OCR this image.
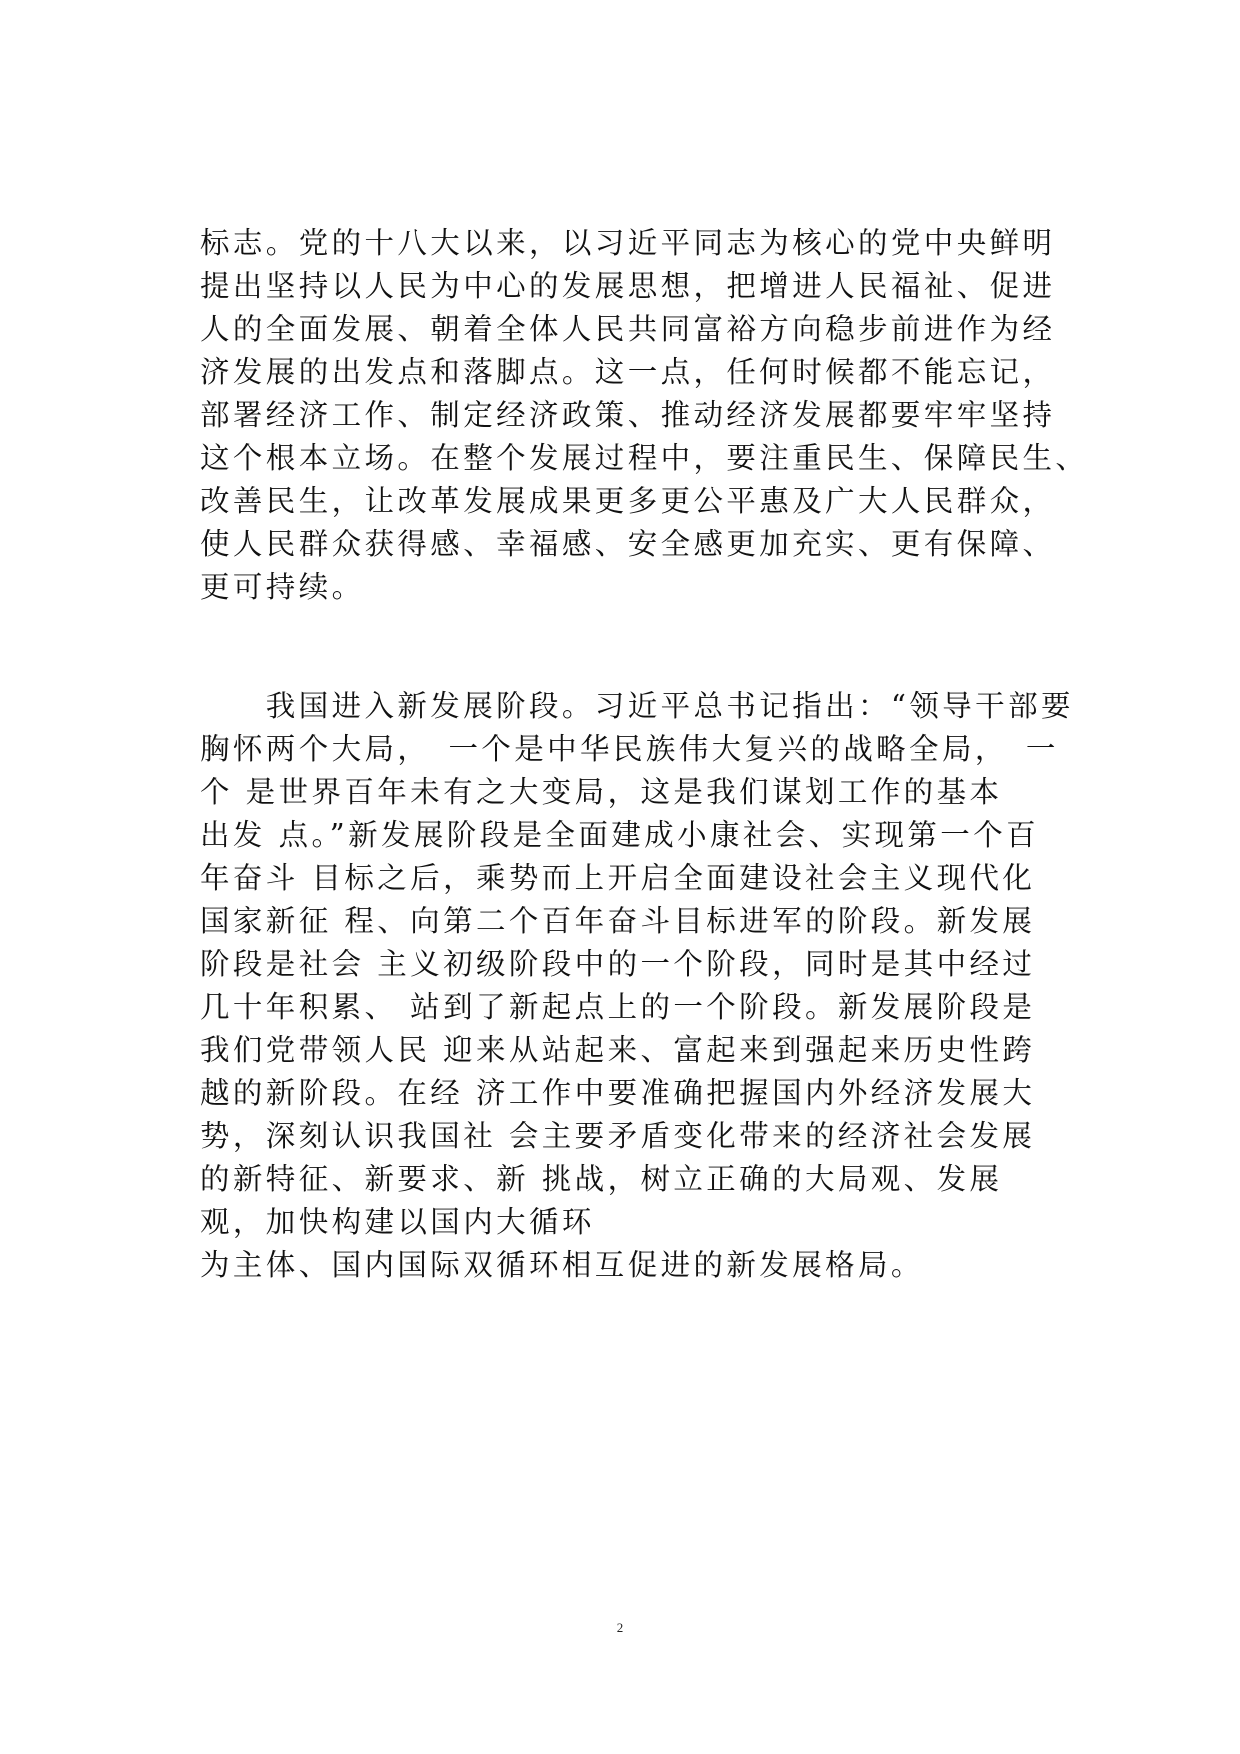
标志。党的十八大以来，以习近平同志为核心的党中央鲜明
提出坚持以人民为中心的发展思想，把增进人民福祉、促进
人的全面发展、朝着全体人民共同富裕方向稳步前进作为经
济发展的出发点和落脚点。这一点，任何时候都不能忘记，
部署经济工作、制定经济政策、推动经济发展都要牢牢坚持
这个根本立场。在整个发展过程中，要注重民生、保障民生、
改善民生，让改革发展成果更多更公平惠及广大人民群众，
使人民群众获得感、幸福感、安全感更加充实、更有保障、
更可持续。
　　我国进入新发展阶段。习近平总书记指出：“领导干部要
胸怀两个大局，　一个是中华民族伟大复兴的战略全局，　一
个 是世界百年未有之大变局，这是我们谋划工作的基本
出发 点。”新发展阶段是全面建成小康社会、实现第一个百
年奋斗 目标之后，乘势而上开启全面建设社会主义现代化
国家新征 程、向第二个百年奋斗目标进军的阶段。新发展
阶段是社会 主义初级阶段中的一个阶段，同时是其中经过
几十年积累、 站到了新起点上的一个阶段。新发展阶段是
我们党带领人民 迎来从站起来、富起来到强起来历史性跨
越的新阶段。在经 济工作中要准确把握国内外经济发展大
势，深刻认识我国社 会主要矛盾变化带来的经济社会发展
的新特征、新要求、新 挑战，树立正确的大局观、发展
观，加快构建以国内大循环
为主体、国内国际双循环相互促进的新发展格局。
2
